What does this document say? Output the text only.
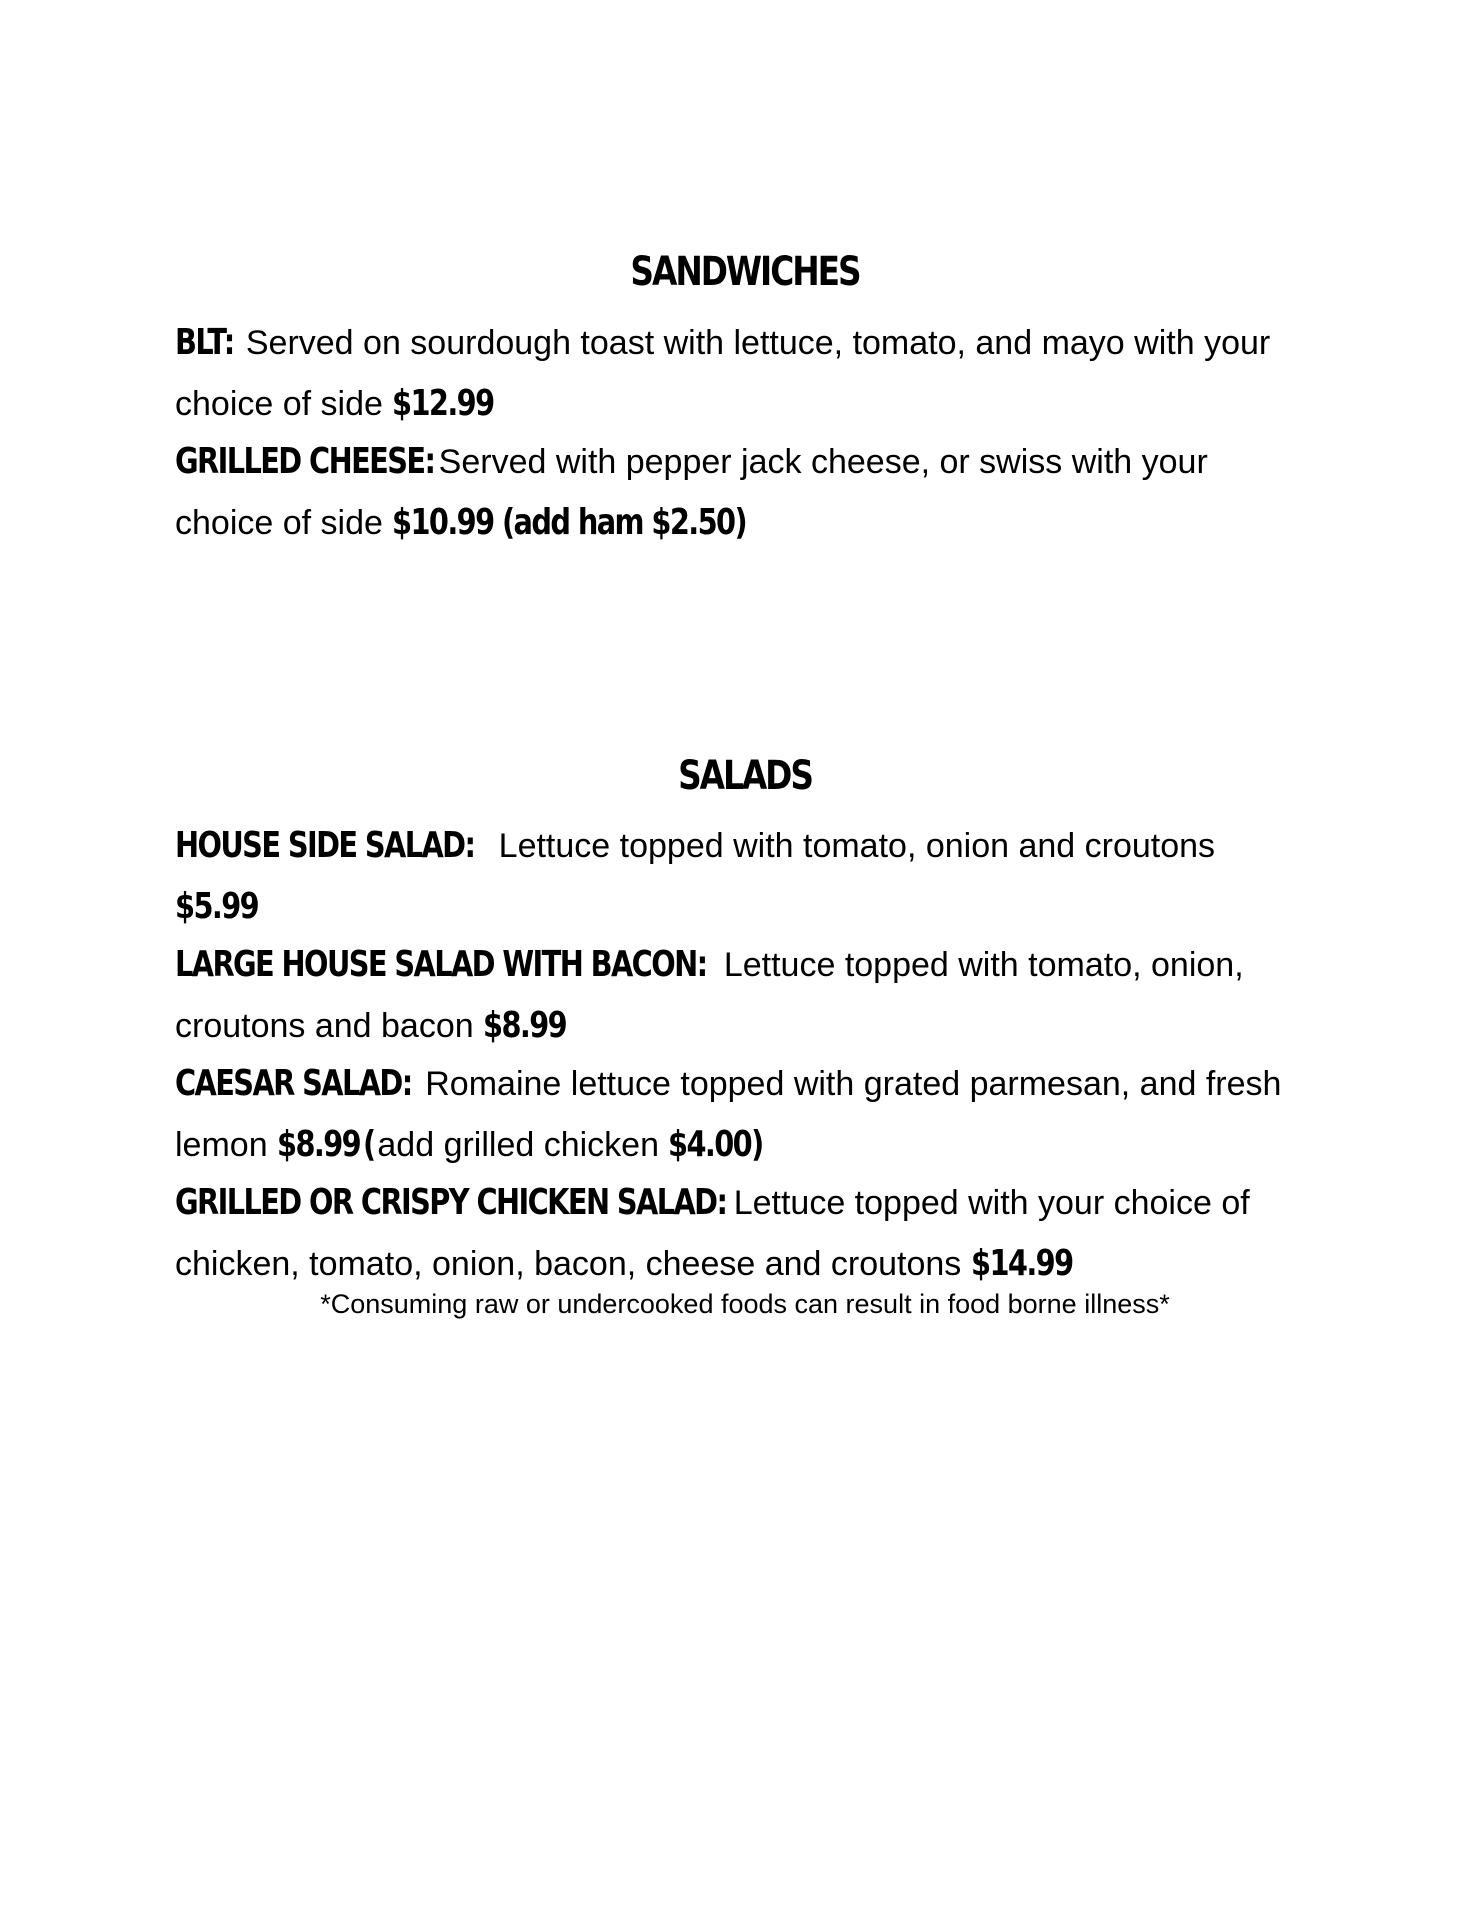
SANDWICHES

BLT: Served on sourdough toast with lettuce, tomato, and mayo with your choice of side $12.99

GRILLED CHEESE: Served with pepper jack cheese, or swiss with your choice of side $10.99 (add ham $2.50)

SALADS

HOUSE SIDE SALAD: Lettuce topped with tomato, onion and croutons
$5.99

LARGE HOUSE SALAD WITH BACON: Lettuce topped with tomato, onion, croutons and bacon $8.99

CAESAR SALAD: Romaine lettuce topped with grated parmesan, and fresh lemon $8.99(add grilled chicken $4.00)

GRILLED OR CRISPY CHICKEN SALAD: Lettuce topped with your choice of chicken, tomato, onion, bacon, cheese and croutons $14.99

*Consuming raw or undercooked foods can result in food borne illness*
